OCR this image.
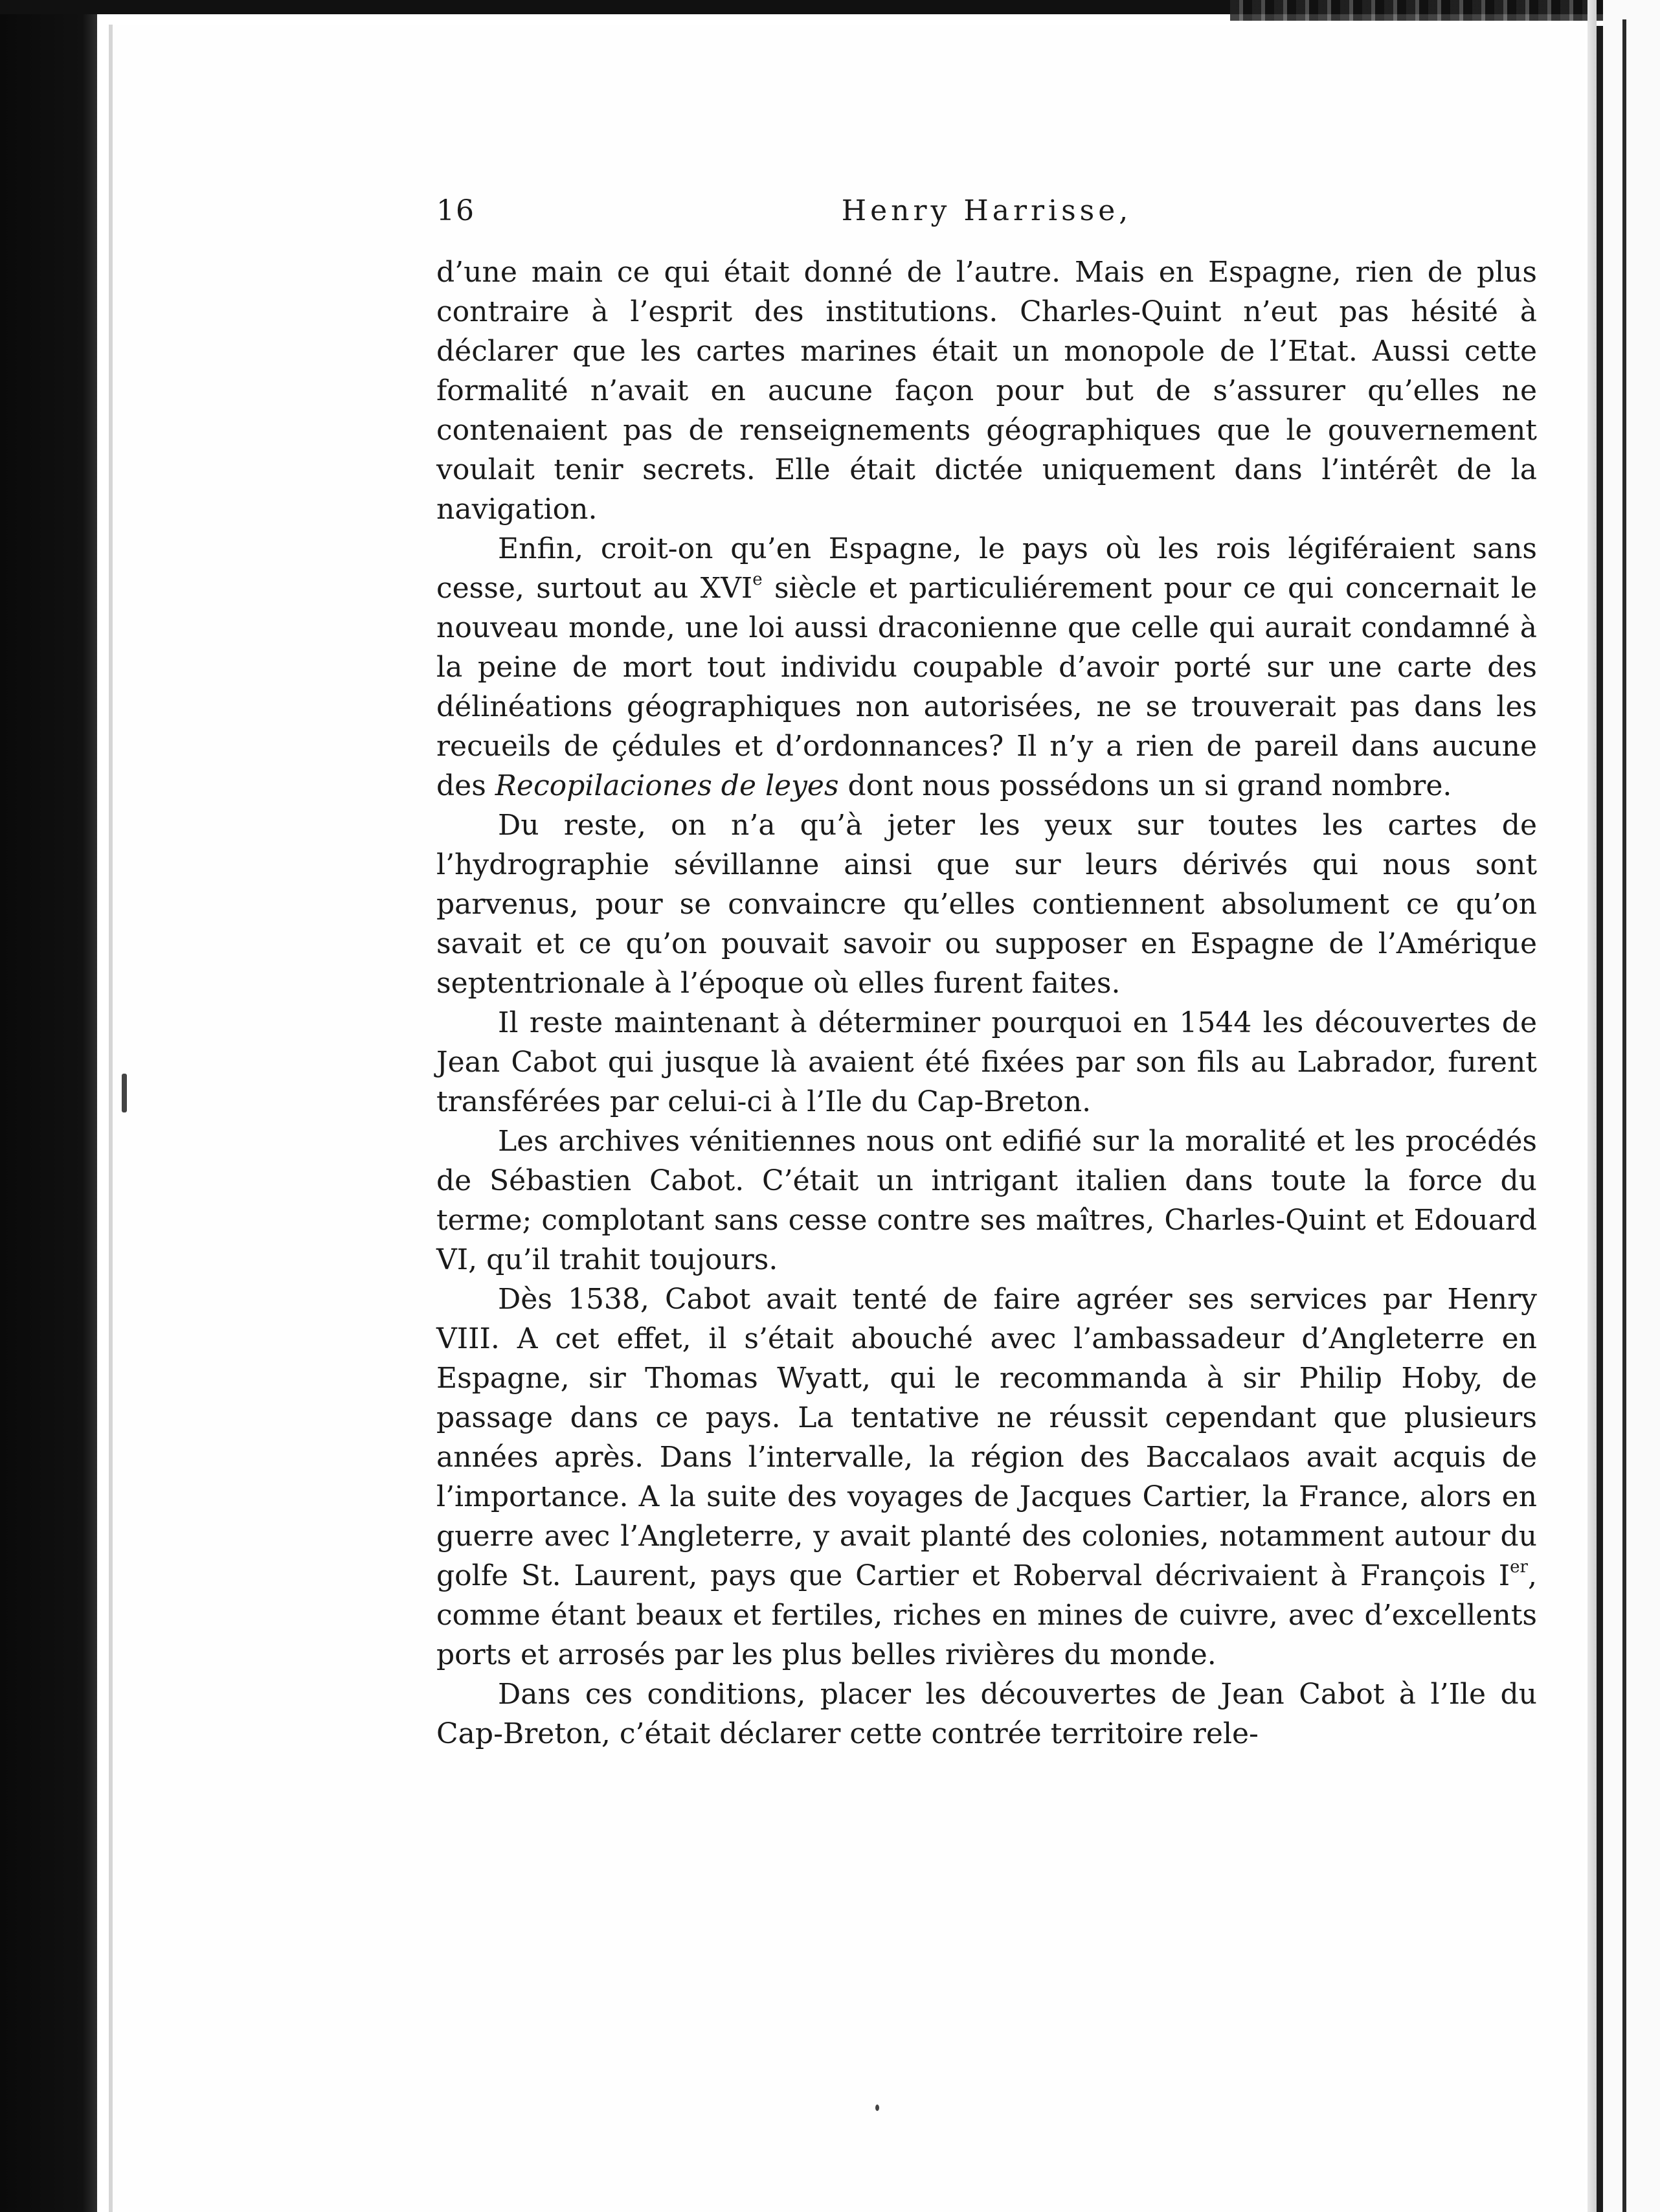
16	Henry Harrisse,

d’une main ce qui était donné de l’autre. Mais en Espagne, rien de plus contraire à l’esprit des institutions. Charles-Quint n’eut pas hésité à déclarer que les cartes marines était un monopole de l’Etat. Aussi cette formalité n’avait en aucune façon pour but de s’assurer qu’elles ne contenaient pas de renseignements géographiques que le gouvernement voulait tenir secrets. Elle était dictée uniquement dans l’intérêt de la navigation.

Enfin, croit-on qu’en Espagne, le pays où les rois légiféraient sans cesse, surtout au XVIe siècle et particuliérement pour ce qui concernait le nouveau monde, une loi aussi draconienne que celle qui aurait condamné à la peine de mort tout individu coupable d’avoir porté sur une carte des délinéations géographiques non autorisées, ne se trouverait pas dans les recueils de çédules et d’ordonnances? Il n’y a rien de pareil dans aucune des Recopilaciones de leyes dont nous possédons un si grand nombre.

Du reste, on n’a qu’à jeter les yeux sur toutes les cartes de l’hydrographie sévillanne ainsi que sur leurs dérivés qui nous sont parvenus, pour se convaincre qu’elles contiennent absolument ce qu’on savait et ce qu’on pouvait savoir ou supposer en Espagne de l’Amérique septentrionale à l’époque où elles furent faites.

Il reste maintenant à déterminer pourquoi en 1544 les découvertes de Jean Cabot qui jusque là avaient été fixées par son fils au Labrador, furent transférées par celui-ci à l’Ile du Cap-Breton.

Les archives vénitiennes nous ont edifié sur la moralité et les procédés de Sébastien Cabot. C’était un intrigant italien dans toute la force du terme; complotant sans cesse contre ses maîtres, Charles-Quint et Edouard VI, qu’il trahit toujours.

Dès 1538, Cabot avait tenté de faire agréer ses services par Henry VIII. A cet effet, il s’était abouché avec l’ambassadeur d’Angleterre en Espagne, sir Thomas Wyatt, qui le recommanda à sir Philip Hoby, de passage dans ce pays. La tentative ne réussit cependant que plusieurs années après. Dans l’intervalle, la région des Baccalaos avait acquis de l’importance. A la suite des voyages de Jacques Cartier, la France, alors en guerre avec l’Angleterre, y avait planté des colonies, notamment autour du golfe St. Laurent, pays que Cartier et Roberval décrivaient à François Ier, comme étant beaux et fertiles, riches en mines de cuivre, avec d’excellents ports et arrosés par les plus belles rivières du monde.

Dans ces conditions, placer les découvertes de Jean Cabot à l’Ile du Cap-Breton, c’était déclarer cette contrée territoire rele-
